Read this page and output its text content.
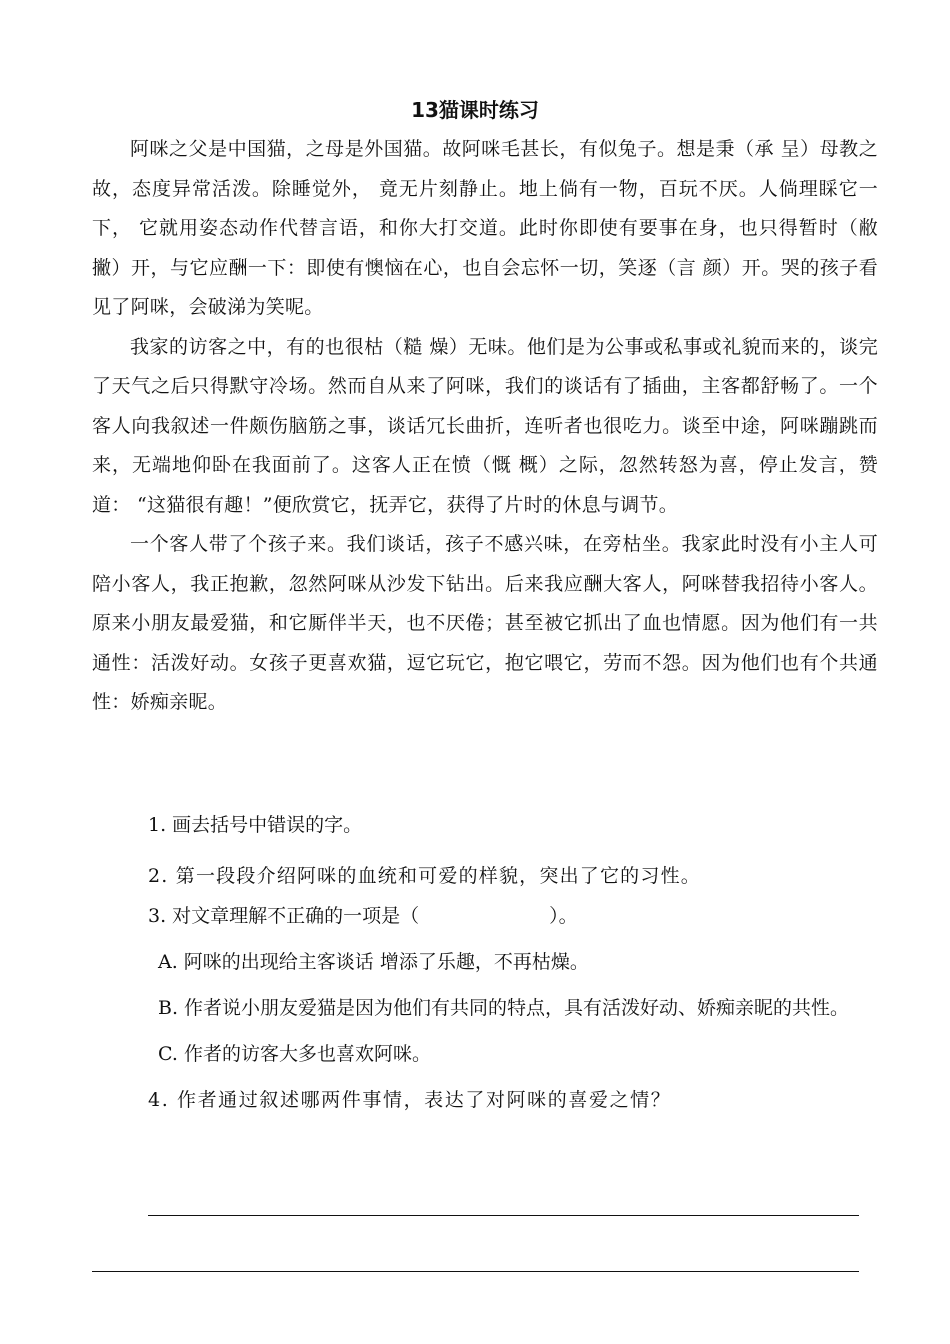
13猫课时练习

阿咪之父是中国猫，之母是外国猫。故阿咪毛甚长，有似兔子。想是秉（承 呈）母教之故，态度异常活泼。除睡觉外， 竟无片刻静止。地上倘有一物，百玩不厌。人倘理睬它一下， 它就用姿态动作代替言语，和你大打交道。此时你即使有要事在身，也只得暂时（敝 撇）开，与它应酬一下：即使有懊恼在心，也自会忘怀一切，笑逐（言 颜）开。哭的孩子看见了阿咪，会破涕为笑呢。

我家的访客之中，有的也很枯（糙 燥）无味。他们是为公事或私事或礼貌而来的，谈完了天气之后只得默守冷场。然而自从来了阿咪，我们的谈话有了插曲，主客都舒畅了。一个客人向我叙述一件颇伤脑筋之事，谈话冗长曲折，连听者也很吃力。谈至中途，阿咪蹦跳而来，无端地仰卧在我面前了。这客人正在愤（慨 概）之际，忽然转怒为喜，停止发言，赞道： “这猫很有趣！”便欣赏它，抚弄它，获得了片时的休息与调节。

一个客人带了个孩子来。我们谈话，孩子不感兴味，在旁枯坐。我家此时没有小主人可陪小客人，我正抱歉，忽然阿咪从沙发下钻出。后来我应酬大客人，阿咪替我招待小客人。原来小朋友最爱猫，和它厮伴半天，也不厌倦；甚至被它抓出了血也情愿。因为他们有一共通性：活泼好动。女孩子更喜欢猫，逗它玩它，抱它喂它，劳而不怨。因为他们也有个共通性：娇痴亲昵。

1. 画去括号中错误的字。

2. 第一段段介绍阿咪的血统和可爱的样貌，突出了它的习性。

3. 对文章理解不正确的一项是（	）。

A. 阿咪的出现给主客谈话 增添了乐趣，不再枯燥。

B. 作者说小朋友爱猫是因为他们有共同的特点，具有活泼好动、娇痴亲昵的共性。

C. 作者的访客大多也喜欢阿咪。

4. 作者通过叙述哪两件事情，表达了对阿咪的喜爱之情？
